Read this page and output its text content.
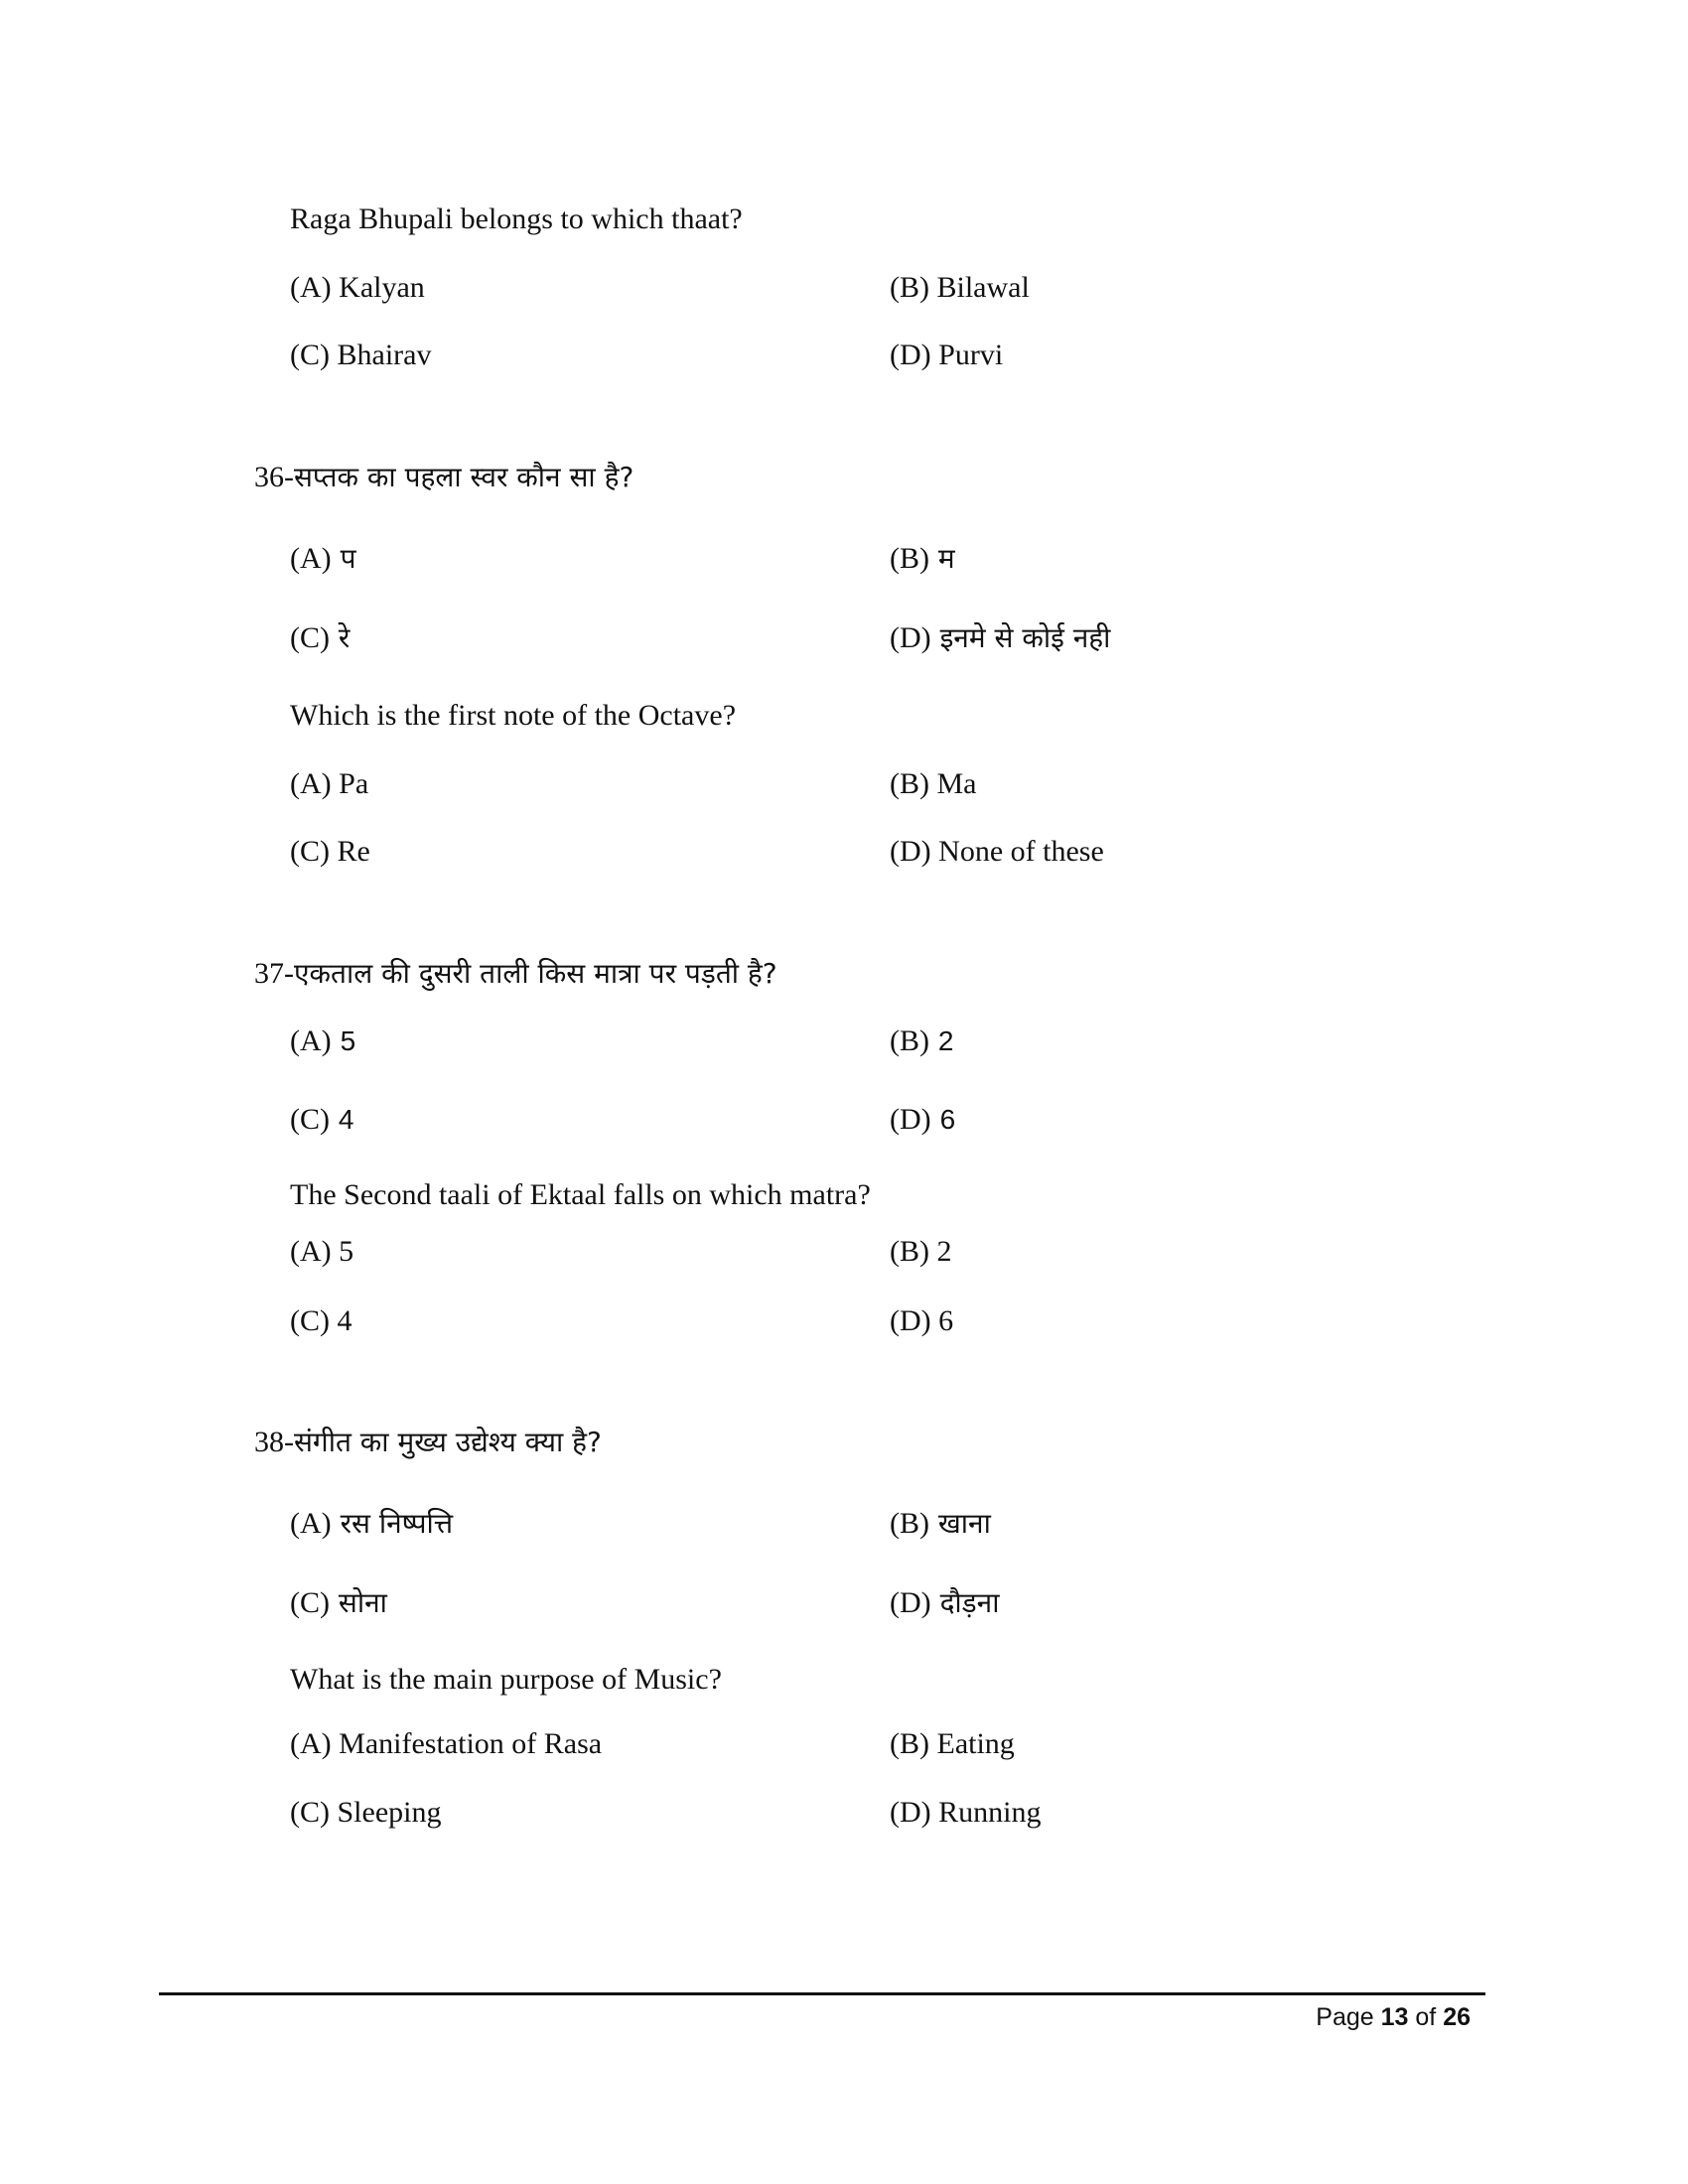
Page 13 of 26
Raga Bhupali belongs to which thaat?
(A) Kalyan	(B) Bilawal
(C) Bhairav	(D) Purvi
36-सप्तक का पहला स्वर कौन सा है?
(A) प	(B) म
(C) रे	(D) इनमे से कोई नही
Which is the first note of the Octave?
(A) Pa	(B) Ma
(C) Re	(D) None of these
37-एकताल की दुसरी ताली किस मात्रा पर पड़ती है?
(A) 5	(B) 2
(C) 4	(D) 6
The Second taali of Ektaal falls on which matra?
(A) 5	(B) 2
(C) 4	(D) 6
38-संगीत का मुख्य उद्येश्य क्या है?
(A) रस निष्पत्ति	(B) खाना
(C) सोना	(D) दौड़ना
What is the main purpose of Music?
(A) Manifestation of Rasa	(B) Eating
(C) Sleeping	(D) Running
